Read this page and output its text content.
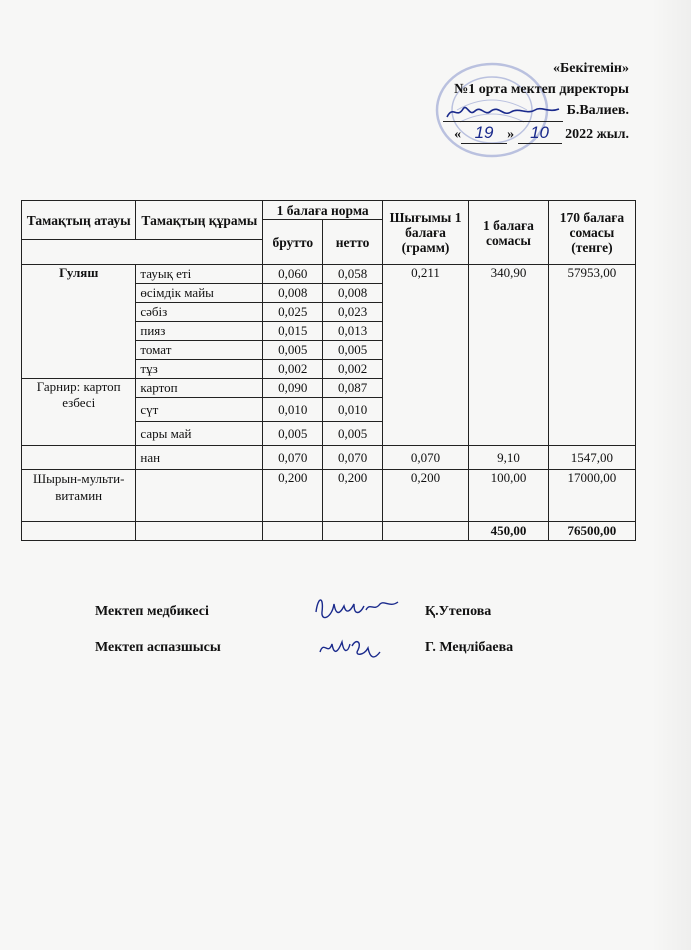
«Бекітемін»
№1 орта мектеп директоры
Б.Валиев.
« 19 » 10 2022 жыл.
Тамақтың атауы	Тамақтың құрамы	1 балаға норма		Шығымы 1 балаға (грамм)	1 балаға сомасы	170 балаға сомасы (тенге)
		брутто	нетто			

Гуляш	тауық еті	0,060	0,058	0,211	340,90	57953,00
	өсімдік майы	0,008	0,008			
	сәбіз	0,025	0,023			
	пияз	0,015	0,013			
	томат	0,005	0,005			
	тұз	0,002	0,002			
Гарнир: картоп езбесі	картоп	0,090	0,087			
	сүт	0,010	0,010			
	сары май	0,005	0,005			
	нан	0,070	0,070	0,070	9,10	1547,00
Шырын-мульти-витамин		0,200	0,200	0,200	100,00	17000,00
					450,00	76500,00
Мектеп медбикесі	Қ.Утепова
Мектеп аспазшысы	Г. Меңлібаева
